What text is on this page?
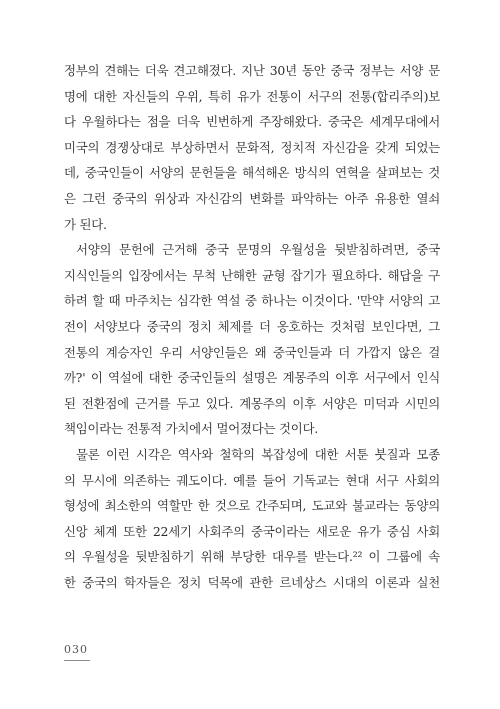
정부의 견해는 더욱 견고해졌다. 지난 30년 동안 중국 정부는 서양 문
명에 대한 자신들의 우위, 특히 유가 전통이 서구의 전통(합리주의)보
다 우월하다는 점을 더욱 빈번하게 주장해왔다. 중국은 세계무대에서
미국의 경쟁상대로 부상하면서 문화적, 정치적 자신감을 갖게 되었는
데, 중국인들이 서양의 문헌들을 해석해온 방식의 연혁을 살펴보는 것
은 그런 중국의 위상과 자신감의 변화를 파악하는 아주 유용한 열쇠
가 된다.

서양의 문헌에 근거해 중국 문명의 우월성을 뒷받침하려면, 중국
지식인들의 입장에서는 무척 난해한 균형 잡기가 필요하다. 해답을 구
하려 할 때 마주치는 심각한 역설 중 하나는 이것이다. '만약 서양의 고
전이 서양보다 중국의 정치 체제를 더 옹호하는 것처럼 보인다면, 그
전통의 계승자인 우리 서양인들은 왜 중국인들과 더 가깝지 않은 걸
까?' 이 역설에 대한 중국인들의 설명은 계몽주의 이후 서구에서 인식
된 전환점에 근거를 두고 있다. 계몽주의 이후 서양은 미덕과 시민의
책임이라는 전통적 가치에서 멀어졌다는 것이다.

물론 이런 시각은 역사와 철학의 복잡성에 대한 서툰 붓질과 모종
의 무시에 의존하는 궤도이다. 예를 들어 기독교는 현대 서구 사회의
형성에 최소한의 역할만 한 것으로 간주되며, 도교와 불교라는 동양의
신앙 체계 또한 22세기 사회주의 중국이라는 새로운 유가 중심 사회
의 우월성을 뒷받침하기 위해 부당한 대우를 받는다.²² 이 그룹에 속
한 중국의 학자들은 정치 덕목에 관한 르네상스 시대의 이론과 실천

030
